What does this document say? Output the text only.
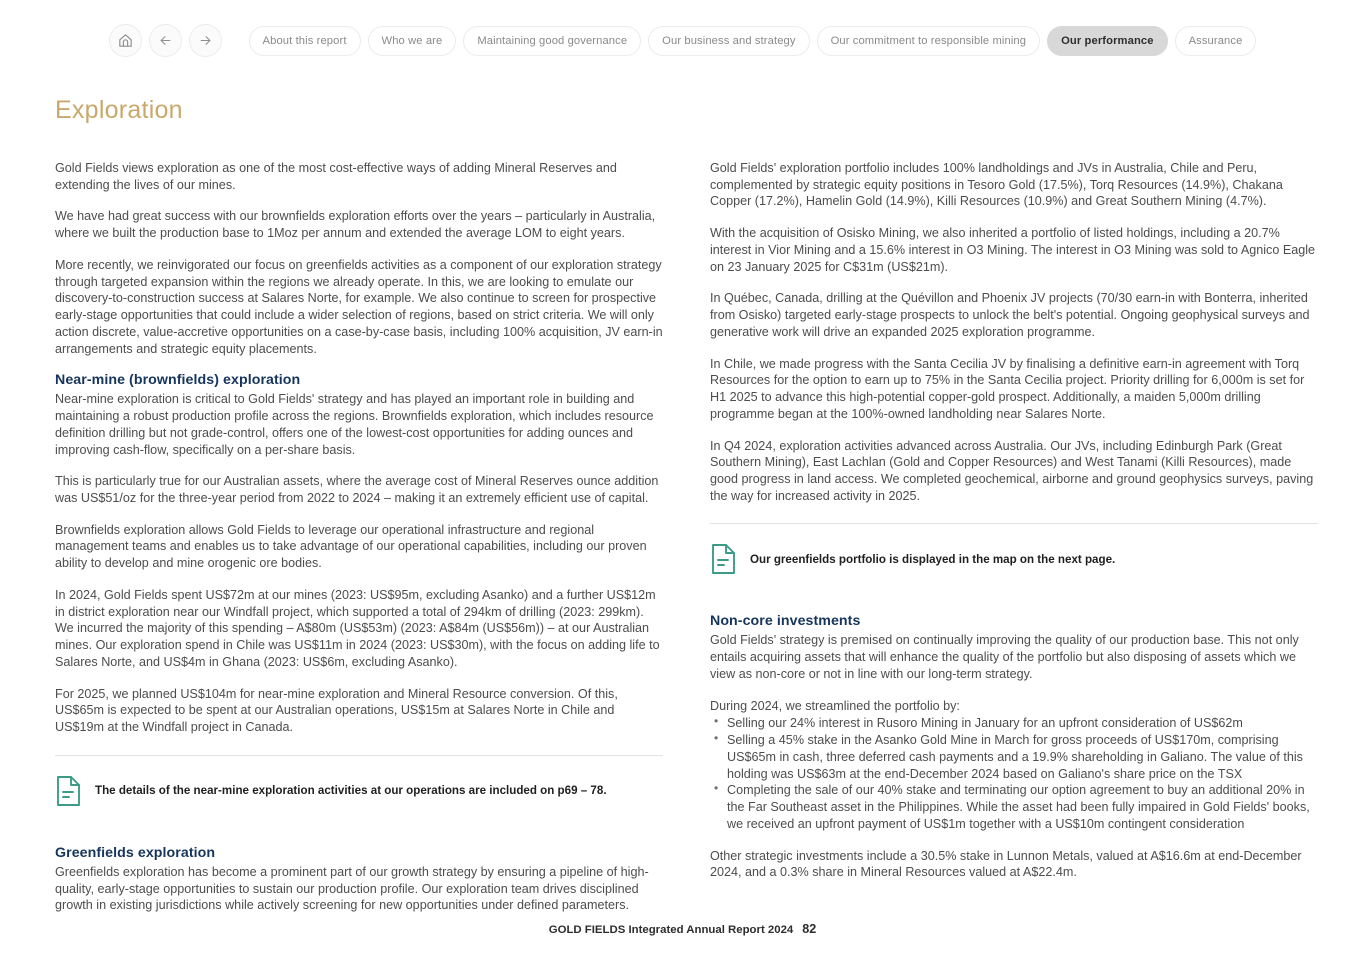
About this report	Who we are	Maintaining good governance	Our business and strategy	Our commitment to responsible mining	Our performance	Assurance
Exploration

Gold Fields views exploration as one of the most cost-effective ways of adding Mineral Reserves and extending the lives of our mines.

We have had great success with our brownfields exploration efforts over the years – particularly in Australia, where we built the production base to 1Moz per annum and extended the average LOM to eight years.

More recently, we reinvigorated our focus on greenfields activities as a component of our exploration strategy through targeted expansion within the regions we already operate. In this, we are looking to emulate our discovery-to-construction success at Salares Norte, for example. We also continue to screen for prospective early-stage opportunities that could include a wider selection of regions, based on strict criteria. We will only action discrete, value-accretive opportunities on a case-by-case basis, including 100% acquisition, JV earn-in arrangements and strategic equity placements.

Near-mine (brownfields) exploration

Near-mine exploration is critical to Gold Fields' strategy and has played an important role in building and maintaining a robust production profile across the regions. Brownfields exploration, which includes resource definition drilling but not grade-control, offers one of the lowest-cost opportunities for adding ounces and improving cash-flow, specifically on a per-share basis.

This is particularly true for our Australian assets, where the average cost of Mineral Reserves ounce addition was US$51/oz for the three-year period from 2022 to 2024 – making it an extremely efficient use of capital.

Brownfields exploration allows Gold Fields to leverage our operational infrastructure and regional management teams and enables us to take advantage of our operational capabilities, including our proven ability to develop and mine orogenic ore bodies.

In 2024, Gold Fields spent US$72m at our mines (2023: US$95m, excluding Asanko) and a further US$12m in district exploration near our Windfall project, which supported a total of 294km of drilling (2023: 299km). We incurred the majority of this spending – A$80m (US$53m) (2023: A$84m (US$56m)) – at our Australian mines. Our exploration spend in Chile was US$11m in 2024 (2023: US$30m), with the focus on adding life to Salares Norte, and US$4m in Ghana (2023: US$6m, excluding Asanko).

For 2025, we planned US$104m for near-mine exploration and Mineral Resource conversion. Of this, US$65m is expected to be spent at our Australian operations, US$15m at Salares Norte in Chile and US$19m at the Windfall project in Canada.

The details of the near-mine exploration activities at our operations are included on p69 – 78.
Greenfields exploration

Greenfields exploration has become a prominent part of our growth strategy by ensuring a pipeline of high-quality, early-stage opportunities to sustain our production profile. Our exploration team drives disciplined growth in existing jurisdictions while actively screening for new opportunities under defined parameters.

Gold Fields' exploration portfolio includes 100% landholdings and JVs in Australia, Chile and Peru, complemented by strategic equity positions in Tesoro Gold (17.5%), Torq Resources (14.9%), Chakana Copper (17.2%), Hamelin Gold (14.9%), Killi Resources (10.9%) and Great Southern Mining (4.7%).

With the acquisition of Osisko Mining, we also inherited a portfolio of listed holdings, including a 20.7% interest in Vior Mining and a 15.6% interest in O3 Mining. The interest in O3 Mining was sold to Agnico Eagle on 23 January 2025 for C$31m (US$21m).

In Québec, Canada, drilling at the Quévillon and Phoenix JV projects (70/30 earn-in with Bonterra, inherited from Osisko) targeted early-stage prospects to unlock the belt's potential. Ongoing geophysical surveys and generative work will drive an expanded 2025 exploration programme.

In Chile, we made progress with the Santa Cecilia JV by finalising a definitive earn-in agreement with Torq Resources for the option to earn up to 75% in the Santa Cecilia project. Priority drilling for 6,000m is set for H1 2025 to advance this high-potential copper-gold prospect. Additionally, a maiden 5,000m drilling programme began at the 100%-owned landholding near Salares Norte.

In Q4 2024, exploration activities advanced across Australia. Our JVs, including Edinburgh Park (Great Southern Mining), East Lachlan (Gold and Copper Resources) and West Tanami (Killi Resources), made good progress in land access. We completed geochemical, airborne and ground geophysics surveys, paving the way for increased activity in 2025.

Our greenfields portfolio is displayed in the map on the next page.
Non-core investments

Gold Fields' strategy is premised on continually improving the quality of our production base. This not only entails acquiring assets that will enhance the quality of the portfolio but also disposing of assets which we view as non-core or not in line with our long-term strategy.

During 2024, we streamlined the portfolio by:

• Selling our 24% interest in Rusoro Mining in January for an upfront consideration of US$62m
• Selling a 45% stake in the Asanko Gold Mine in March for gross proceeds of US$170m, comprising US$65m in cash, three deferred cash payments and a 19.9% shareholding in Galiano. The value of this holding was US$63m at the end-December 2024 based on Galiano's share price on the TSX
• Completing the sale of our 40% stake and terminating our option agreement to buy an additional 20% in the Far Southeast asset in the Philippines. While the asset had been fully impaired in Gold Fields' books, we received an upfront payment of US$1m together with a US$10m contingent consideration

Other strategic investments include a 30.5% stake in Lunnon Metals, valued at A$16.6m at end-December 2024, and a 0.3% share in Mineral Resources valued at A$22.4m.

GOLD FIELDS Integrated Annual Report 2024 82
